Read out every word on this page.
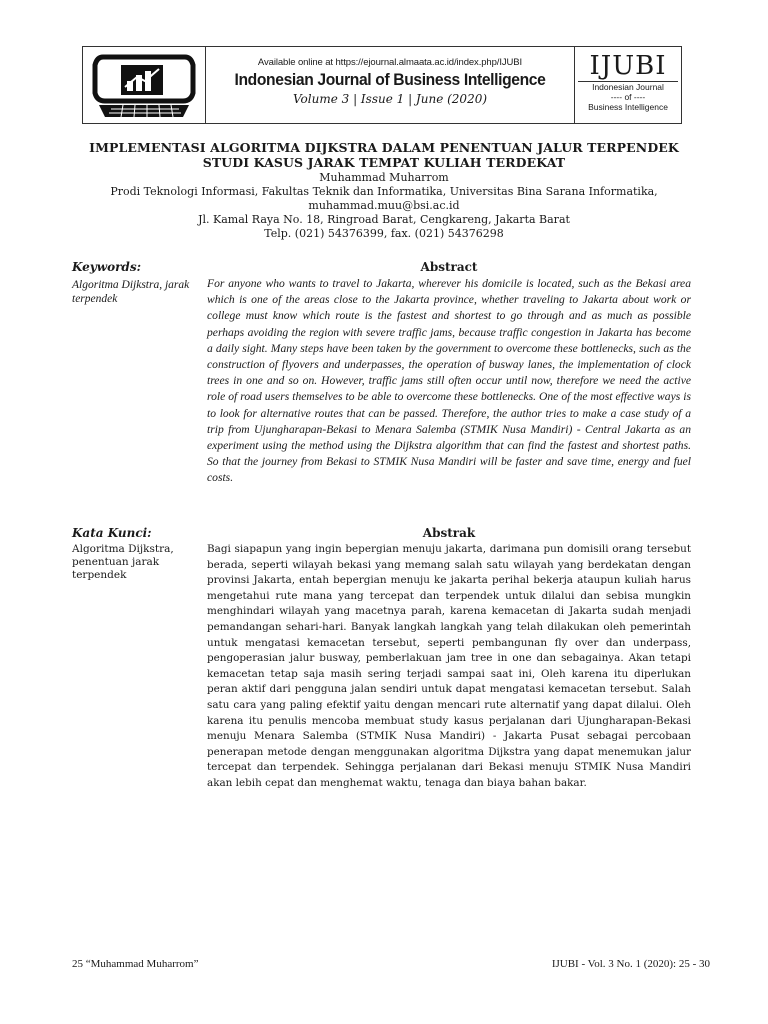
Available online at https://ejournal.almaata.ac.id/index.php/IJUBI
Indonesian Journal of Business Intelligence
Volume 3 | Issue 1 | June (2020)
IJUBI
Indonesian Journal
---- of ----
Business Intelligence
IMPLEMENTASI ALGORITMA DIJKSTRA DALAM PENENTUAN JALUR TERPENDEK
STUDI KASUS JARAK TEMPAT KULIAH TERDEKAT
Muhammad Muharrom
Prodi Teknologi Informasi, Fakultas Teknik dan Informatika, Universitas Bina Sarana Informatika,
muhammad.muu@bsi.ac.id
Jl. Kamal Raya No. 18, Ringroad Barat, Cengkareng, Jakarta Barat
Telp. (021) 54376399, fax. (021) 54376298
Keywords:
Algoritma Dijkstra, jarak terpendek
Abstract
For anyone who wants to travel to Jakarta, wherever his domicile is located, such as the Bekasi area which is one of the areas close to the Jakarta province, whether traveling to Jakarta about work or college must know which route is the fastest and shortest to go through and as much as possible perhaps avoiding the region with severe traffic jams, because traffic congestion in Jakarta has become a daily sight. Many steps have been taken by the government to overcome these bottlenecks, such as the construction of flyovers and underpasses, the operation of busway lanes, the implementation of clock trees in one and so on. However, traffic jams still often occur until now, therefore we need the active role of road users themselves to be able to overcome these bottlenecks. One of the most effective ways is to look for alternative routes that can be passed. Therefore, the author tries to make a case study of a trip from Ujungharapan-Bekasi to Menara Salemba (STMIK Nusa Mandiri) - Central Jakarta as an experiment using the method using the Dijkstra algorithm that can find the fastest and shortest paths. So that the journey from Bekasi to STMIK Nusa Mandiri will be faster and save time, energy and fuel costs.
Kata Kunci:
Algoritma Dijkstra, penentuan jarak terpendek
Abstrak
Bagi siapapun yang ingin bepergian menuju jakarta, darimana pun domisili orang tersebut berada, seperti wilayah bekasi yang memang salah satu wilayah yang berdekatan dengan provinsi Jakarta, entah bepergian menuju ke jakarta perihal bekerja ataupun kuliah harus mengetahui rute mana yang tercepat dan terpendek untuk dilalui dan sebisa mungkin menghindari wilayah yang macetnya parah, karena kemacetan di Jakarta sudah menjadi pemandangan sehari-hari. Banyak langkah langkah yang telah dilakukan oleh pemerintah untuk mengatasi kemacetan tersebut, seperti pembangunan fly over dan underpass, pengoperasian jalur busway, pemberlakuan jam tree in one dan sebagainya. Akan tetapi kemacetan tetap saja masih sering terjadi sampai saat ini, Oleh karena itu diperlukan peran aktif dari pengguna jalan sendiri untuk dapat mengatasi kemacetan tersebut. Salah satu cara yang paling efektif yaitu dengan mencari rute alternatif yang dapat dilalui. Oleh karena itu penulis mencoba membuat study kasus perjalanan dari Ujungharapan-Bekasi menuju Menara Salemba (STMIK Nusa Mandiri) - Jakarta Pusat sebagai percobaan penerapan metode dengan menggunakan algoritma Dijkstra yang dapat menemukan jalur tercepat dan terpendek. Sehingga perjalanan dari Bekasi menuju STMIK Nusa Mandiri akan lebih cepat dan menghemat waktu, tenaga dan biaya bahan bakar.
25 “Muhammad Muharrom”	IJUBI - Vol. 3 No. 1 (2020): 25 - 30
